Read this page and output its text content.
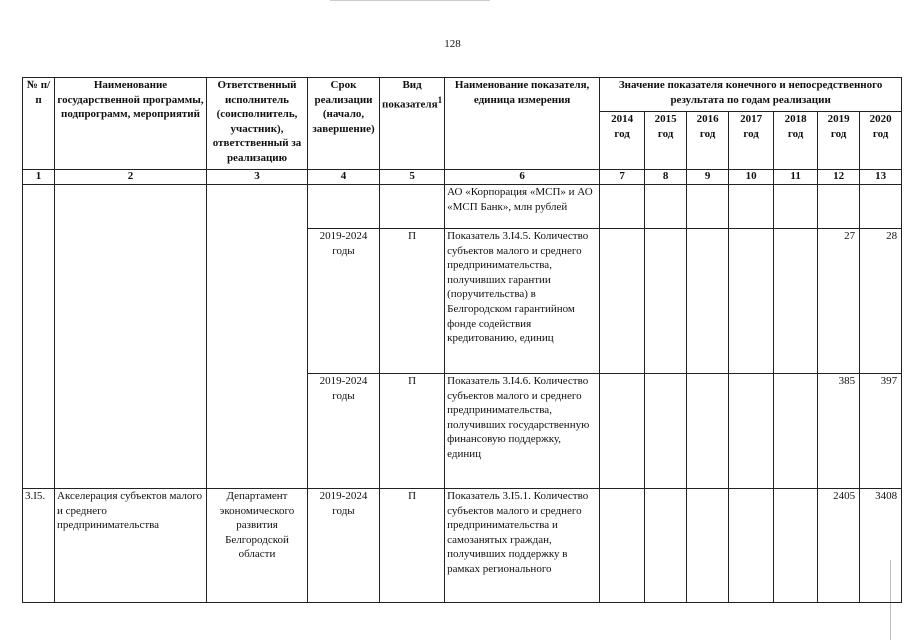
128
№ п/п	Наименование государственной программы, подпрограмм, мероприятий	Ответственный исполнитель (соисполнитель, участник), ответственный за реализацию	Срок реализации (начало, завершение)	Вид показателя$^1$	Наименование показателя, единица измерения	Значение показателя конечного и непосредственного результата по годам реализации						
						2014 год	2015 год	2016 год	2017 год	2018 год	2019 год	2020 год
1	2	3	4	5	6	7	8	9	10	11	12	13
					АО «Корпорация «МСП» и АО «МСП Банк», млн рублей							
			2019-2024 годы	П	Показатель 3.I4.5. Количество субъектов малого и среднего предпринимательства, получивших гарантии (поручительства) в Белгородском гарантийном фонде содействия кредитованию, единиц						27	28
			2019-2024 годы	П	Показатель 3.I4.6. Количество субъектов малого и среднего предпринимательства, получивших государственную финансовую поддержку, единиц						385	397
3.I5.	Акселерация субъектов малого и среднего предпринимательства	Департамент экономического развития Белгородской области	2019-2024 годы	П	Показатель 3.I5.1. Количество субъектов малого и среднего предпринимательства и самозанятых граждан, получивших поддержку в рамках регионального						2405	3408
